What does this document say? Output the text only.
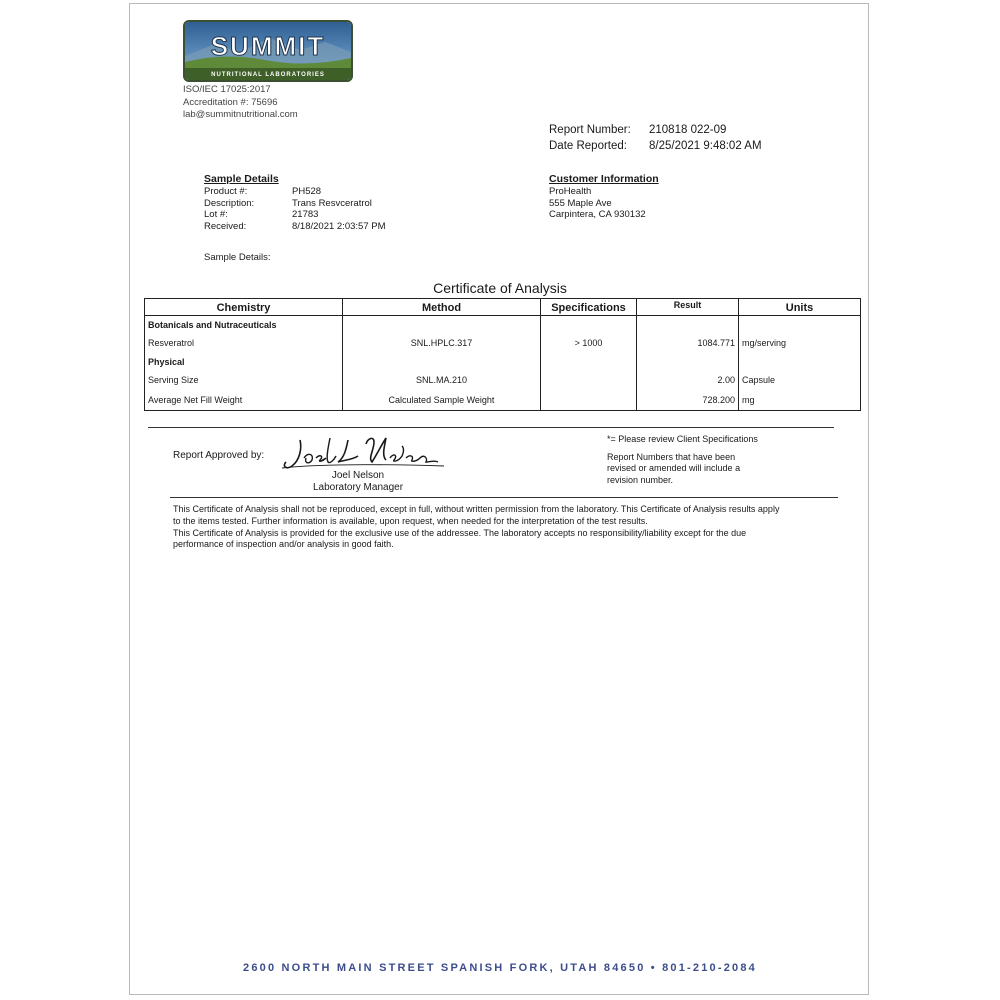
SUMMIT
NUTRITIONAL LABORATORIES
ISO/IEC 17025:2017
Accreditation #: 75696
lab@summitnutritional.com
Report Number:	210818 022-09
Date Reported:	8/25/2021 9:48:02 AM
Sample Details
Product #:	PH528
Description:	Trans Resvceratrol
Lot #:	21783
Received:	8/18/2021 2:03:57 PM
Customer Information
ProHealth
555 Maple Ave
Carpintera, CA 930132
Sample Details:
Certificate of Analysis
Chemistry	Method	Specifications	Result	Units
Botanicals and Nutraceuticals				
Resveratrol	SNL.HPLC.317	> 1000	1084.771	mg/serving
Physical				
Serving Size	SNL.MA.210		2.00	Capsule
Average Net Fill Weight	Calculated Sample Weight		728.200	mg
Report Approved by:
Joel Nelson
Laboratory Manager
*= Please review Client Specifications
Report Numbers that have been
revised or amended will include a
revision number.
This Certificate of Analysis shall not be reproduced, except in full, without written permission from the laboratory. This Certificate of Analysis results apply
to the items tested. Further information is available, upon request, when needed for the interpretation of the test results.
This Certificate of Analysis is provided for the exclusive use of the addressee. The laboratory accepts no responsibility/liability except for the due
performance of inspection and/or analysis in good faith.
2600 NORTH MAIN STREET SPANISH FORK, UTAH 84650 • 801-210-2084
